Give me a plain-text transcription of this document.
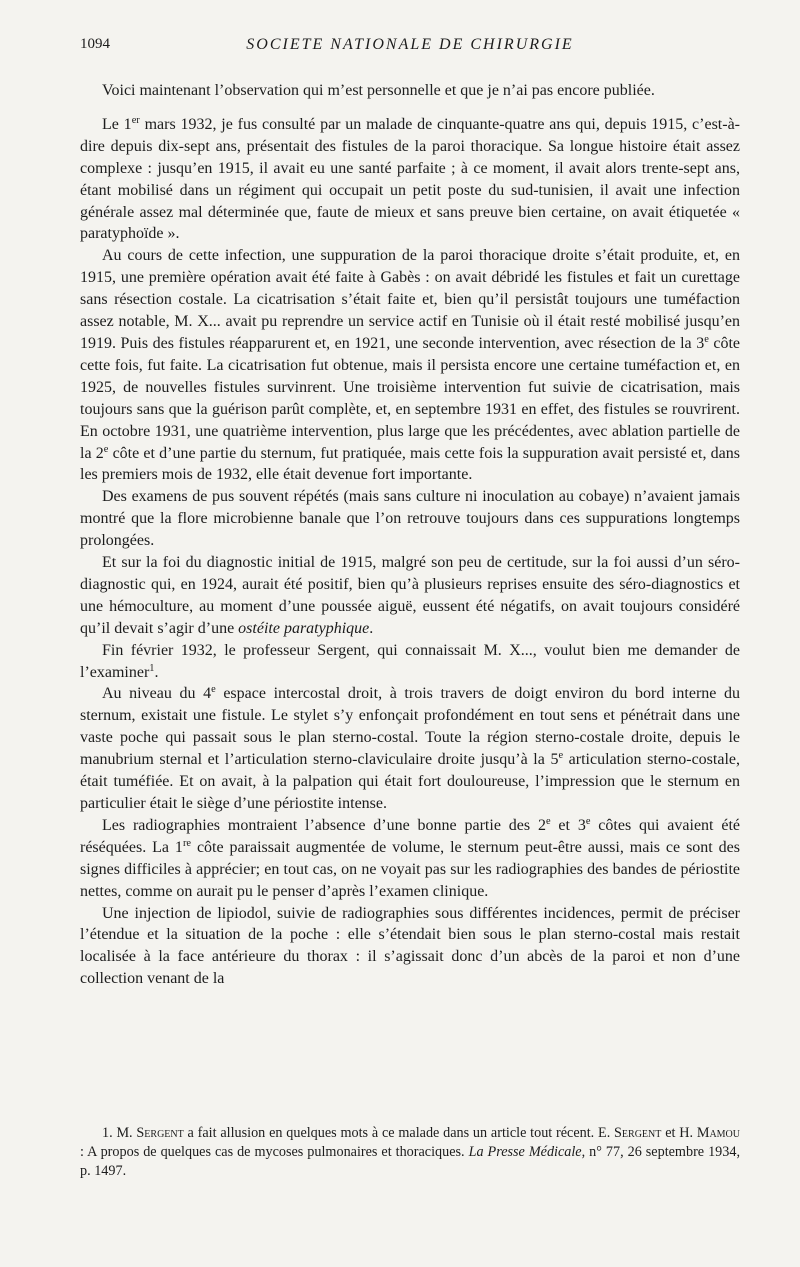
1094	SOCIETE NATIONALE DE CHIRURGIE

Voici maintenant l’observation qui m’est personnelle et que je n’ai pas encore publiée.

Le 1er mars 1932, je fus consulté par un malade de cinquante-quatre ans qui, depuis 1915, c’est-à-dire depuis dix-sept ans, présentait des fistules de la paroi thoracique. Sa longue histoire était assez complexe : jusqu’en 1915, il avait eu une santé parfaite ; à ce moment, il avait alors trente-sept ans, étant mobilisé dans un régiment qui occupait un petit poste du sud-tunisien, il avait une infection générale assez mal déterminée que, faute de mieux et sans preuve bien certaine, on avait étiquetée « paratyphoïde ».

Au cours de cette infection, une suppuration de la paroi thoracique droite s’était produite, et, en 1915, une première opération avait été faite à Gabès : on avait débridé les fistules et fait un curettage sans résection costale. La cicatrisation s’était faite et, bien qu’il persistât toujours une tuméfaction assez notable, M. X... avait pu reprendre un service actif en Tunisie où il était resté mobilisé jusqu’en 1919. Puis des fistules réapparurent et, en 1921, une seconde intervention, avec résection de la 3e côte cette fois, fut faite. La cicatrisation fut obtenue, mais il persista encore une certaine tuméfaction et, en 1925, de nouvelles fistules survinrent. Une troisième intervention fut suivie de cicatrisation, mais toujours sans que la guérison parût complète, et, en septembre 1931 en effet, des fistules se rouvrirent. En octobre 1931, une quatrième intervention, plus large que les précédentes, avec ablation partielle de la 2e côte et d’une partie du sternum, fut pratiquée, mais cette fois la suppuration avait persisté et, dans les premiers mois de 1932, elle était devenue fort importante.

Des examens de pus souvent répétés (mais sans culture ni inoculation au cobaye) n’avaient jamais montré que la flore microbienne banale que l’on retrouve toujours dans ces suppurations longtemps prolongées.

Et sur la foi du diagnostic initial de 1915, malgré son peu de certitude, sur la foi aussi d’un séro-diagnostic qui, en 1924, aurait été positif, bien qu’à plusieurs reprises ensuite des séro-diagnostics et une hémoculture, au moment d’une poussée aiguë, eussent été négatifs, on avait toujours considéré qu’il devait s’agir d’une ostéite paratyphique.

Fin février 1932, le professeur Sergent, qui connaissait M. X..., voulut bien me demander de l’examiner$^1$.

Au niveau du 4e espace intercostal droit, à trois travers de doigt environ du bord interne du sternum, existait une fistule. Le stylet s’y enfonçait profondément en tout sens et pénétrait dans une vaste poche qui passait sous le plan sterno-costal. Toute la région sterno-costale droite, depuis le manubrium sternal et l’articulation sterno-claviculaire droite jusqu’à la 5e articulation sterno-costale, était tuméfiée. Et on avait, à la palpation qui était fort douloureuse, l’impression que le sternum en particulier était le siège d’une périostite intense.

Les radiographies montraient l’absence d’une bonne partie des 2e et 3e côtes qui avaient été réséquées. La 1re côte paraissait augmentée de volume, le sternum peut-être aussi, mais ce sont des signes difficiles à apprécier; en tout cas, on ne voyait pas sur les radiographies des bandes de périostite nettes, comme on aurait pu le penser d’après l’examen clinique.

Une injection de lipiodol, suivie de radiographies sous différentes incidences, permit de préciser l’étendue et la situation de la poche : elle s’étendait bien sous le plan sterno-costal mais restait localisée à la face antérieure du thorax : il s’agissait donc d’un abcès de la paroi et non d’une collection venant de la

1. M. Sergent a fait allusion en quelques mots à ce malade dans un article tout récent. E. Sergent et H. Mamou : A propos de quelques cas de mycoses pulmonaires et thoraciques. La Presse Médicale, n° 77, 26 septembre 1934, p. 1497.
